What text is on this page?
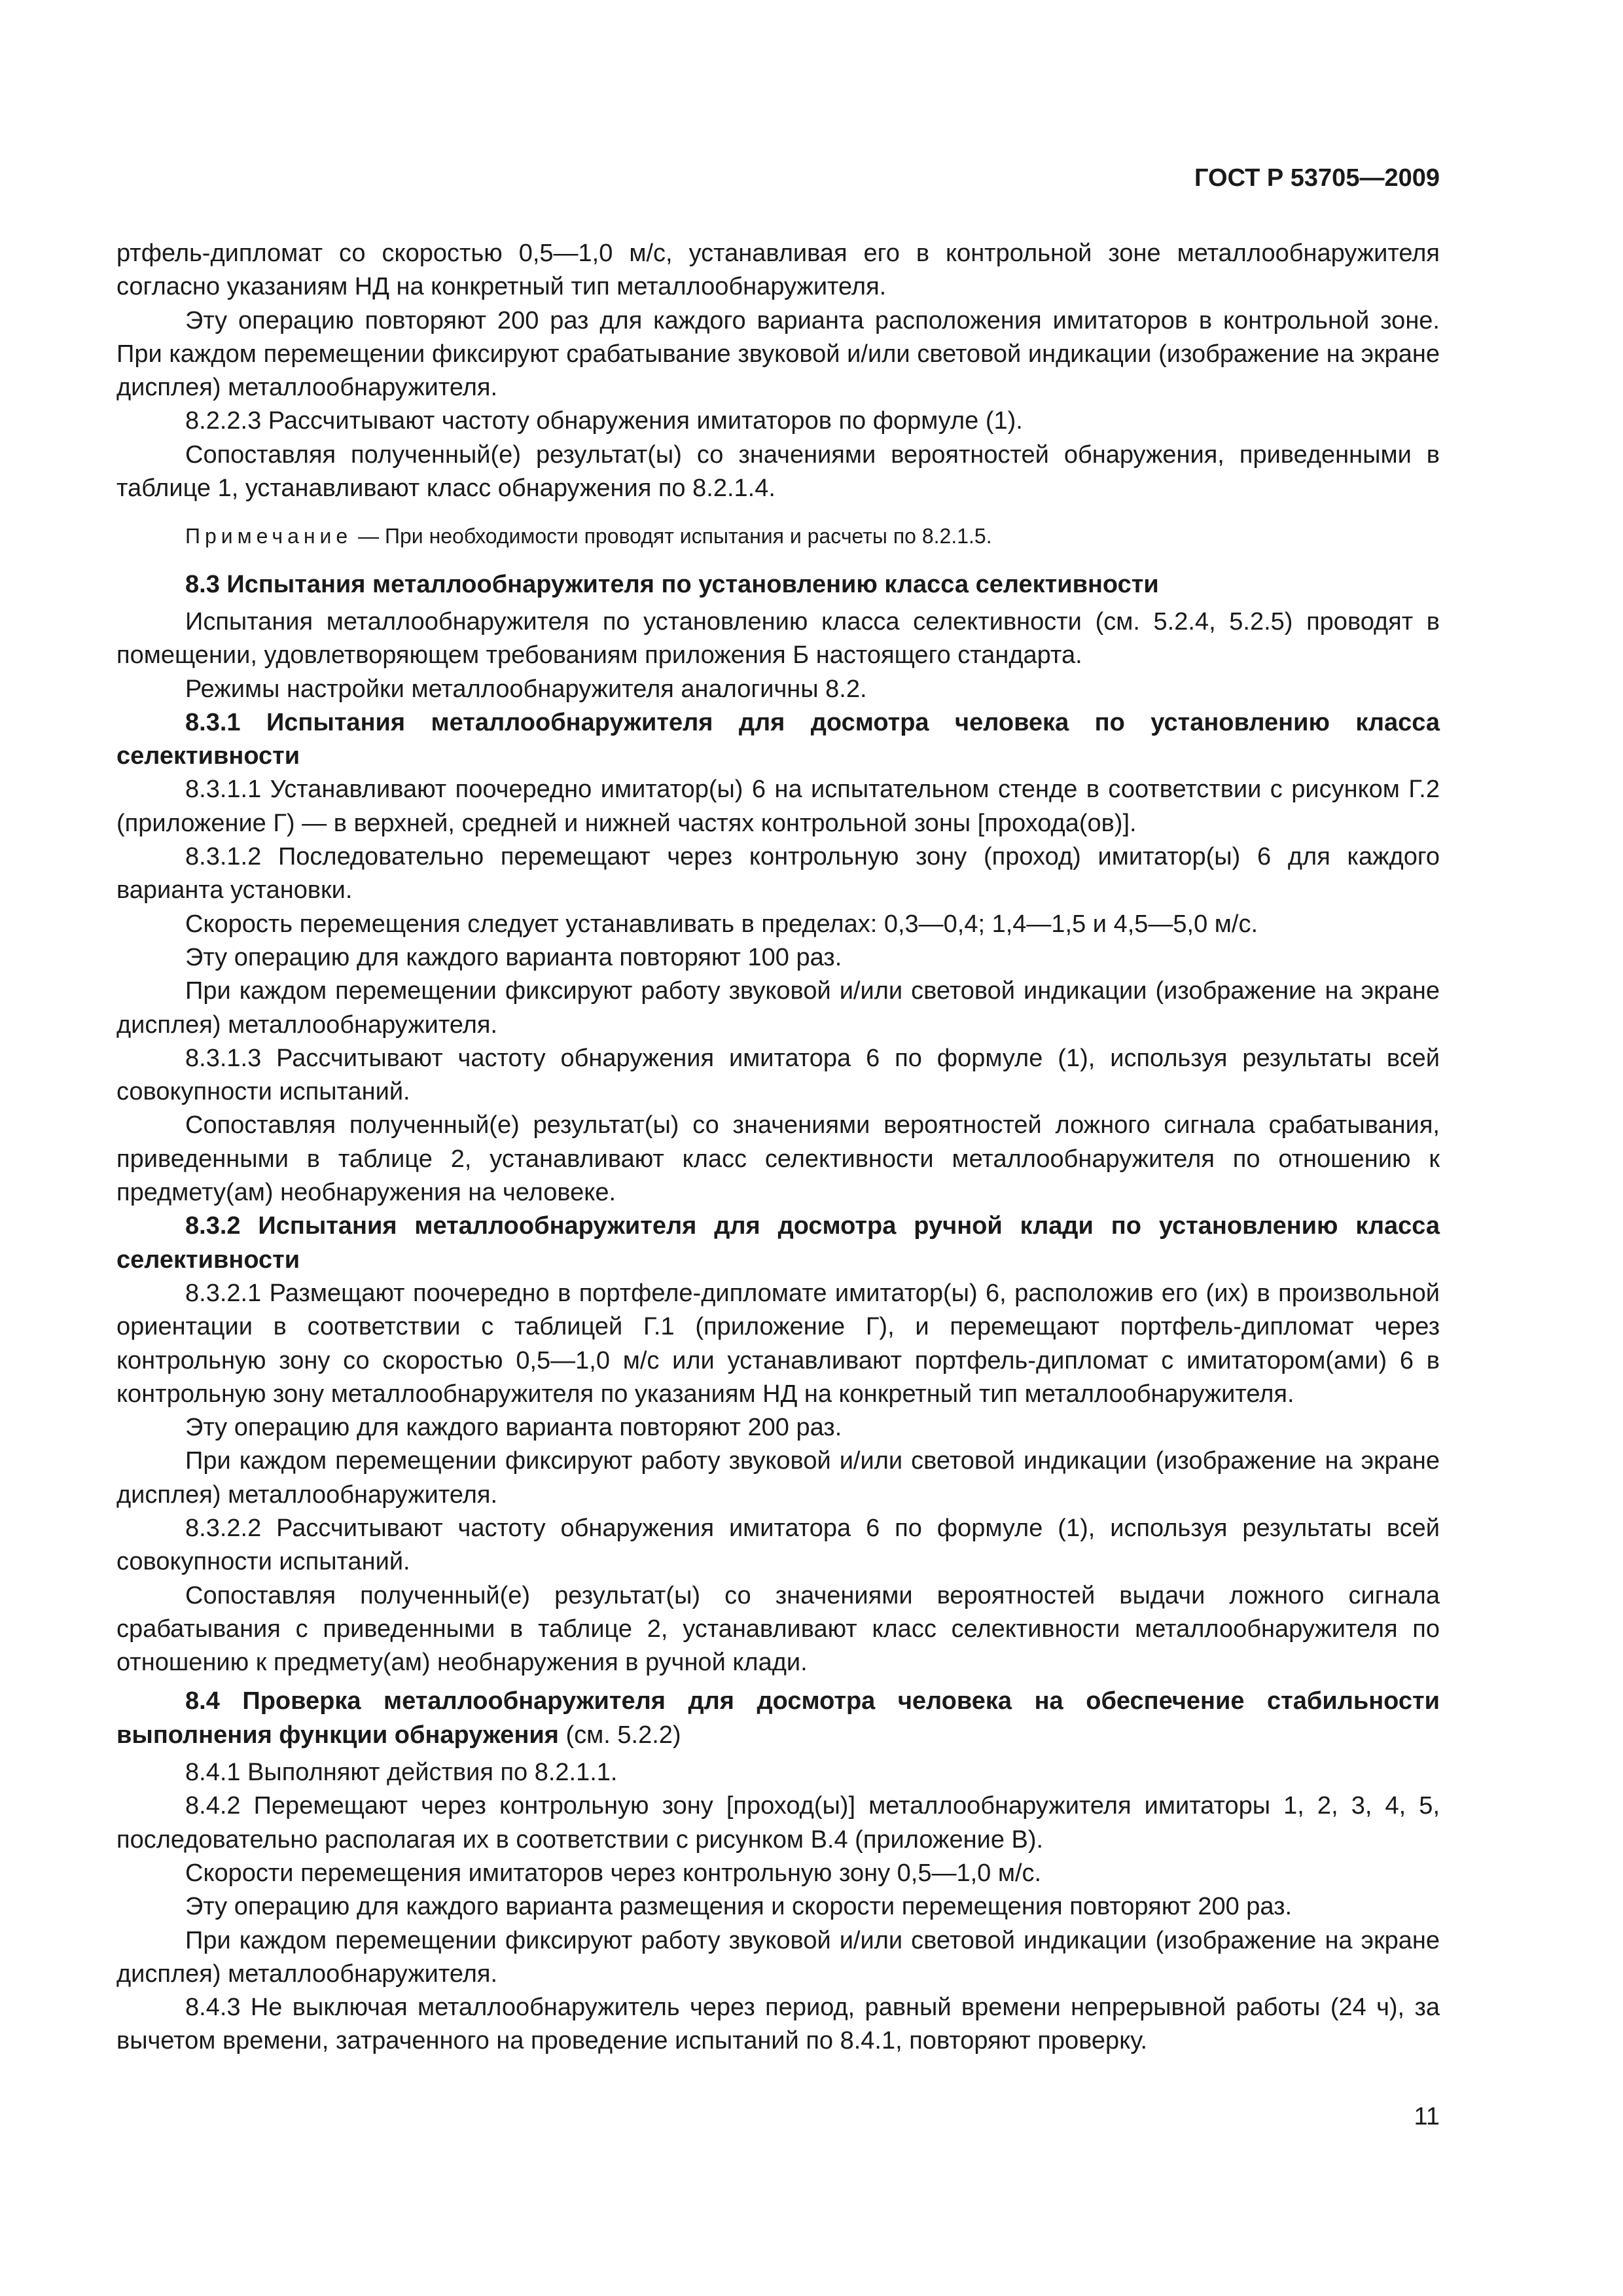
ГОСТ Р 53705—2009

ртфель-дипломат со скоростью 0,5—1,0 м/с, устанавливая его в контрольной зоне металлообнаружителя согласно указаниям НД на конкретный тип металлообнаружителя.

Эту операцию повторяют 200 раз для каждого варианта расположения имитаторов в контрольной зоне. При каждом перемещении фиксируют срабатывание звуковой и/или световой индикации (изображение на экране дисплея) металлообнаружителя.

8.2.2.3 Рассчитывают частоту обнаружения имитаторов по формуле (1).

Сопоставляя полученный(е) результат(ы) со значениями вероятностей обнаружения, приведенными в таблице 1, устанавливают класс обнаружения по 8.2.1.4.

Примечание — При необходимости проводят испытания и расчеты по 8.2.1.5.

8.3 Испытания металлообнаружителя по установлению класса селективности

Испытания металлообнаружителя по установлению класса селективности (см. 5.2.4, 5.2.5) проводят в помещении, удовлетворяющем требованиям приложения Б настоящего стандарта.

Режимы настройки металлообнаружителя аналогичны 8.2.

8.3.1 Испытания металлообнаружителя для досмотра человека по установлению класса селективности

8.3.1.1 Устанавливают поочередно имитатор(ы) 6 на испытательном стенде в соответствии с рисунком Г.2 (приложение Г) — в верхней, средней и нижней частях контрольной зоны [прохода(ов)].

8.3.1.2 Последовательно перемещают через контрольную зону (проход) имитатор(ы) 6 для каждого варианта установки.

Скорость перемещения следует устанавливать в пределах: 0,3—0,4; 1,4—1,5 и 4,5—5,0 м/с.

Эту операцию для каждого варианта повторяют 100 раз.

При каждом перемещении фиксируют работу звуковой и/или световой индикации (изображение на экране дисплея) металлообнаружителя.

8.3.1.3 Рассчитывают частоту обнаружения имитатора 6 по формуле (1), используя результаты всей совокупности испытаний.

Сопоставляя полученный(е) результат(ы) со значениями вероятностей ложного сигнала срабатывания, приведенными в таблице 2, устанавливают класс селективности металлообнаружителя по отношению к предмету(ам) необнаружения на человеке.

8.3.2 Испытания металлообнаружителя для досмотра ручной клади по установлению класса селективности

8.3.2.1 Размещают поочередно в портфеле-дипломате имитатор(ы) 6, расположив его (их) в произвольной ориентации в соответствии с таблицей Г.1 (приложение Г), и перемещают портфель-дипломат через контрольную зону со скоростью 0,5—1,0 м/с или устанавливают портфель-дипломат с имитатором(ами) 6 в контрольную зону металлообнаружителя по указаниям НД на конкретный тип металлообнаружителя.

Эту операцию для каждого варианта повторяют 200 раз.

При каждом перемещении фиксируют работу звуковой и/или световой индикации (изображение на экране дисплея) металлообнаружителя.

8.3.2.2 Рассчитывают частоту обнаружения имитатора 6 по формуле (1), используя результаты всей совокупности испытаний.

Сопоставляя полученный(е) результат(ы) со значениями вероятностей выдачи ложного сигнала срабатывания с приведенными в таблице 2, устанавливают класс селективности металлообнаружителя по отношению к предмету(ам) необнаружения в ручной клади.

8.4 Проверка металлообнаружителя для досмотра человека на обеспечение стабильности выполнения функции обнаружения (см. 5.2.2)

8.4.1 Выполняют действия по 8.2.1.1.

8.4.2 Перемещают через контрольную зону [проход(ы)] металлообнаружителя имитаторы 1, 2, 3, 4, 5, последовательно располагая их в соответствии с рисунком В.4 (приложение В).

Скорости перемещения имитаторов через контрольную зону 0,5—1,0 м/с.

Эту операцию для каждого варианта размещения и скорости перемещения повторяют 200 раз.

При каждом перемещении фиксируют работу звуковой и/или световой индикации (изображение на экране дисплея) металлообнаружителя.

8.4.3 Не выключая металлообнаружитель через период, равный времени непрерывной работы (24 ч), за вычетом времени, затраченного на проведение испытаний по 8.4.1, повторяют проверку.

11
